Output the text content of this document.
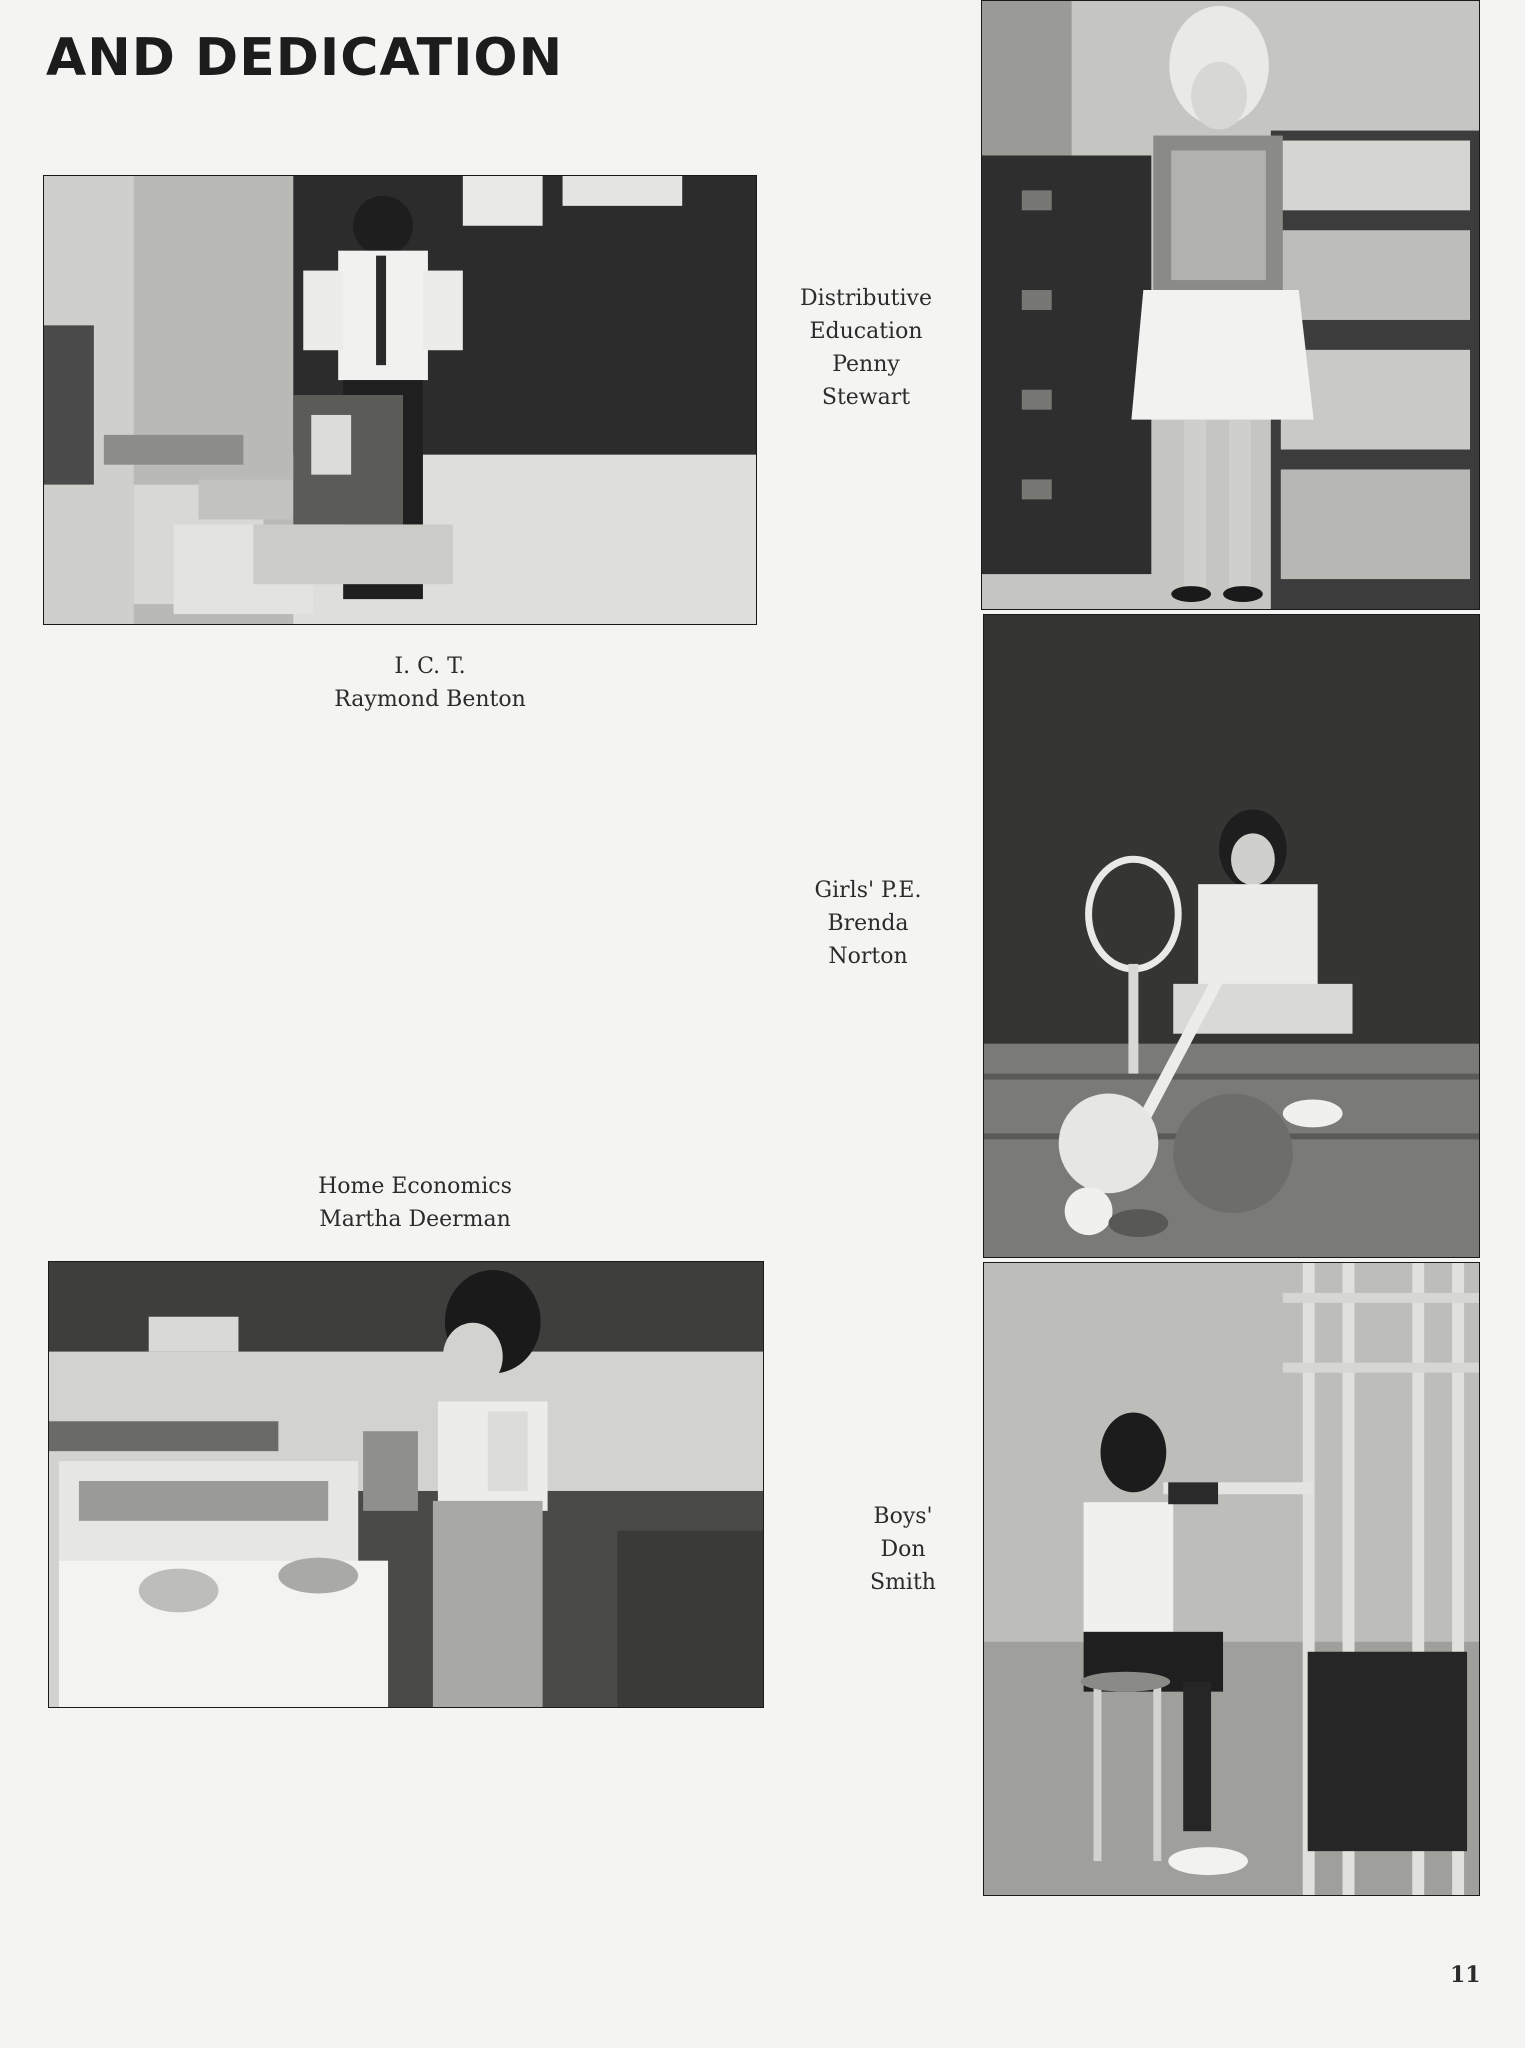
AND DEDICATION
I. C. T.
Raymond Benton
Distributive
Education
Penny
Stewart
Girls' P.E.
Brenda
Norton
Home Economics
Martha Deerman
Boys'
Don
Smith
11
